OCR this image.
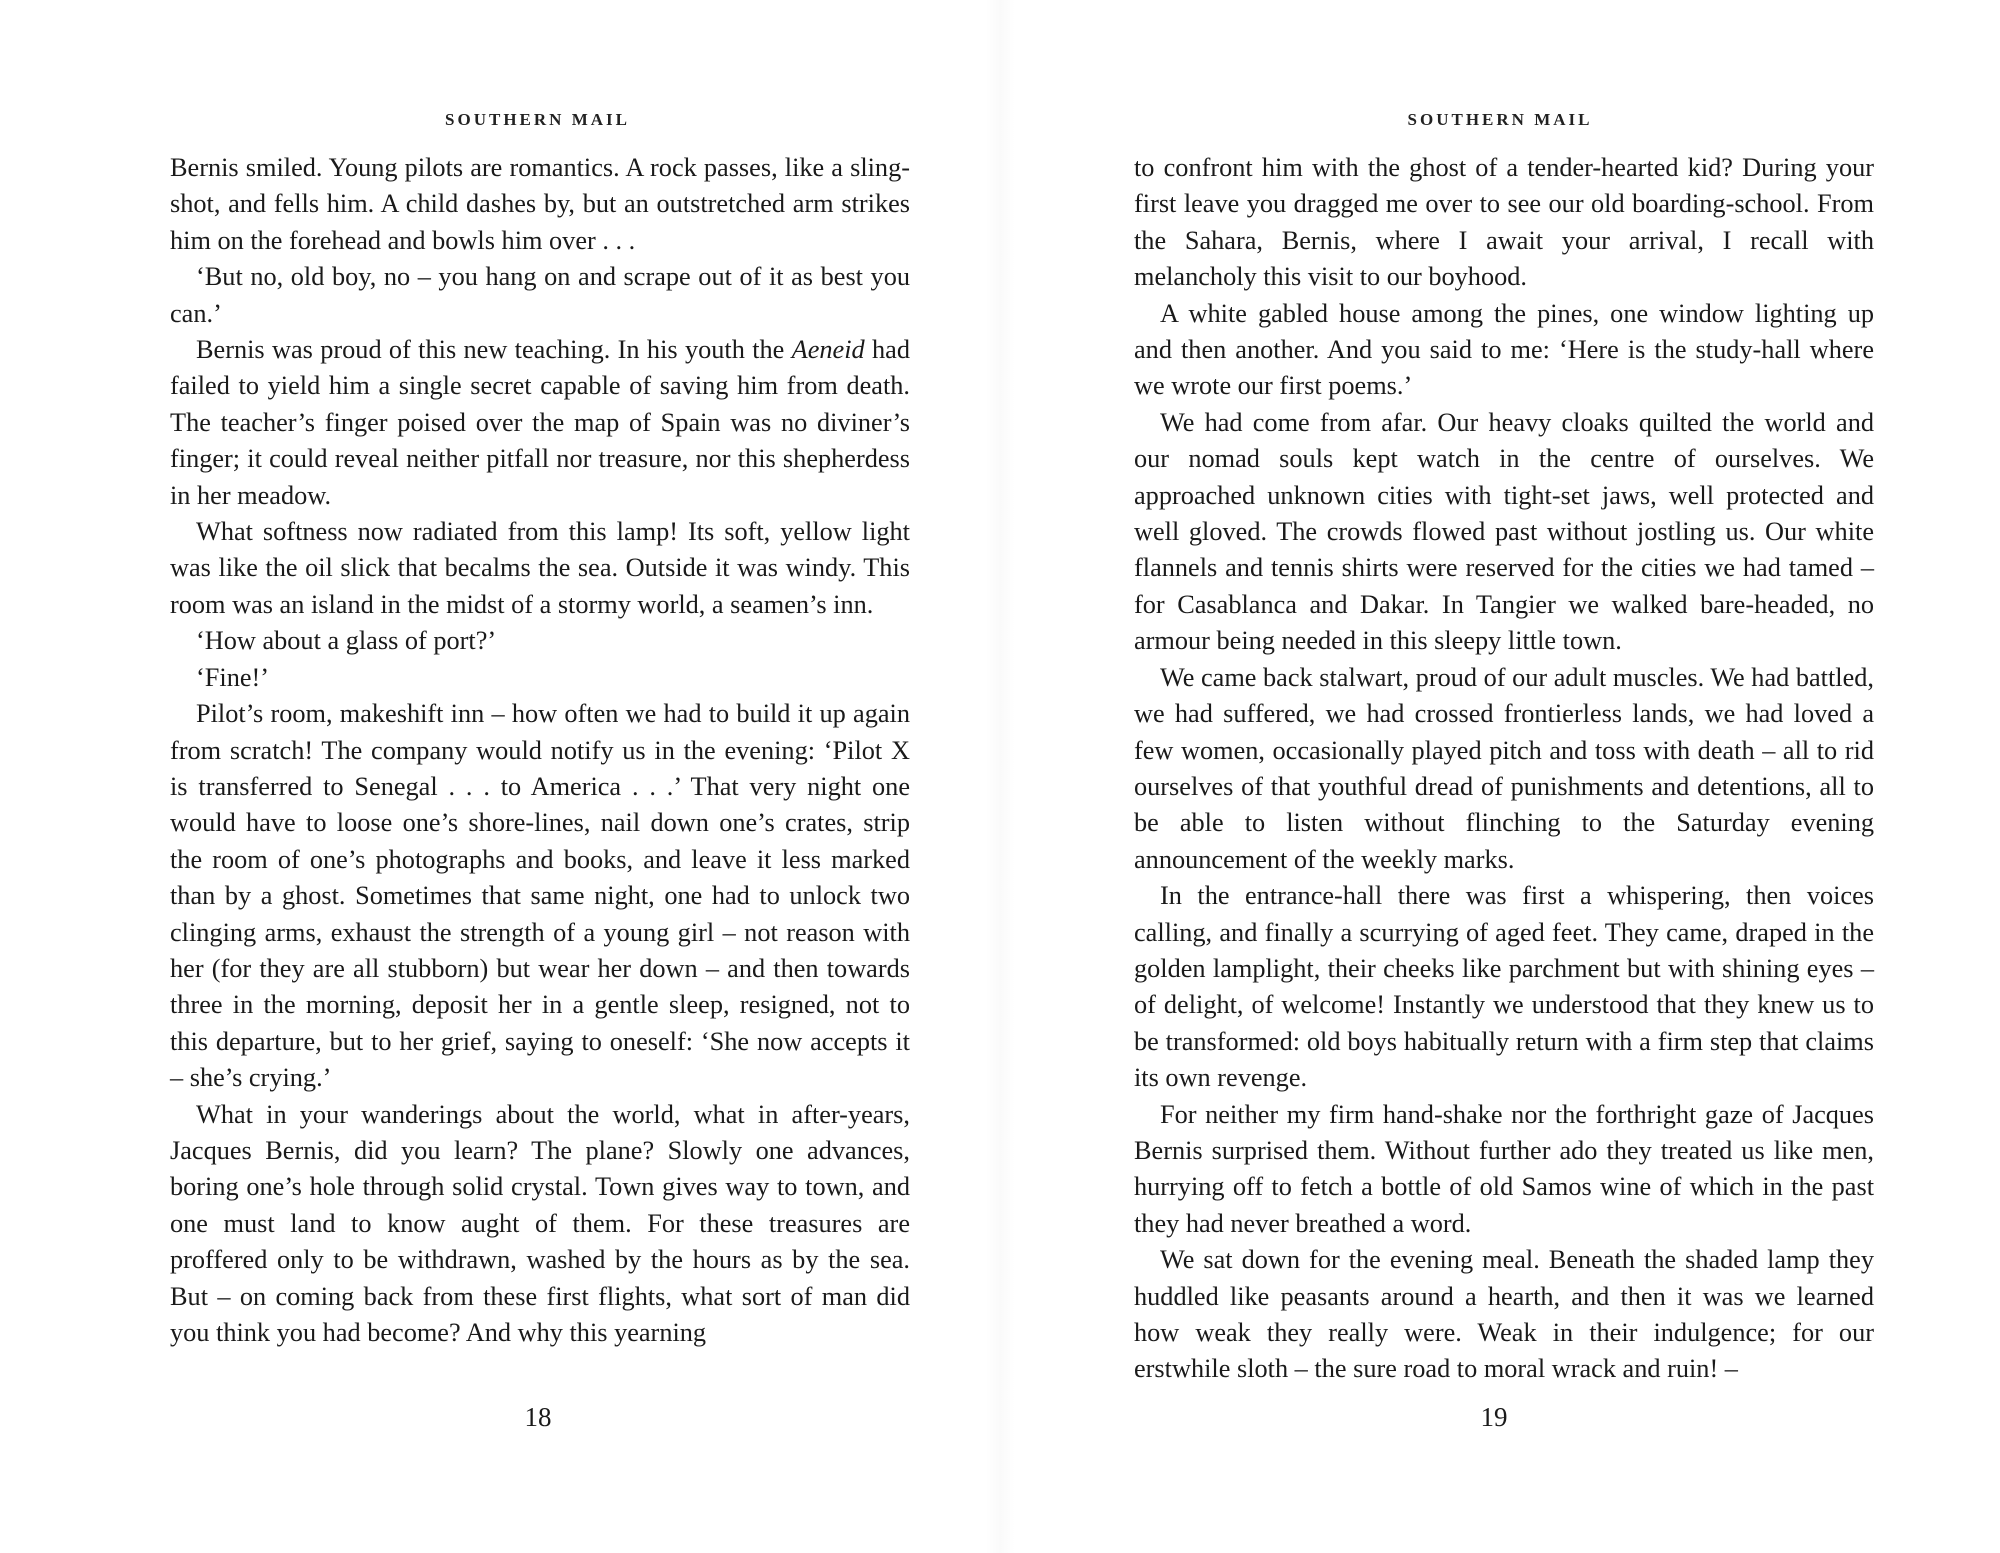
SOUTHERN MAIL

Bernis smiled. Young pilots are romantics. A rock passes, like a sling-shot, and fells him. A child dashes by, but an outstretched arm strikes him on the forehead and bowls him over . . .

‘But no, old boy, no – you hang on and scrape out of it as best you can.’

Bernis was proud of this new teaching. In his youth the Aeneid had failed to yield him a single secret capable of saving him from death. The teacher’s finger poised over the map of Spain was no diviner’s finger; it could reveal neither pitfall nor treasure, nor this shepherdess in her meadow.

What softness now radiated from this lamp! Its soft, yellow light was like the oil slick that becalms the sea. Outside it was windy. This room was an island in the midst of a stormy world, a seamen’s inn.

‘How about a glass of port?’

‘Fine!’

Pilot’s room, makeshift inn – how often we had to build it up again from scratch! The company would notify us in the evening: ‘Pilot X is transferred to Senegal . . . to America . . .’ That very night one would have to loose one’s shore-lines, nail down one’s crates, strip the room of one’s photographs and books, and leave it less marked than by a ghost. Sometimes that same night, one had to unlock two clinging arms, exhaust the strength of a young girl – not reason with her (for they are all stubborn) but wear her down – and then towards three in the morning, deposit her in a gentle sleep, resigned, not to this departure, but to her grief, saying to oneself: ‘She now accepts it – she’s crying.’

What in your wanderings about the world, what in after-years, Jacques Bernis, did you learn? The plane? Slowly one advances, boring one’s hole through solid crystal. Town gives way to town, and one must land to know aught of them. For these treasures are proffered only to be withdrawn, washed by the hours as by the sea. But – on coming back from these first flights, what sort of man did you think you had become? And why this yearning

18
SOUTHERN MAIL

to confront him with the ghost of a tender-hearted kid? During your first leave you dragged me over to see our old boarding-school. From the Sahara, Bernis, where I await your arrival, I recall with melancholy this visit to our boyhood.

A white gabled house among the pines, one window lighting up and then another. And you said to me: ‘Here is the study-hall where we wrote our first poems.’

We had come from afar. Our heavy cloaks quilted the world and our nomad souls kept watch in the centre of ourselves. We approached unknown cities with tight-set jaws, well protected and well gloved. The crowds flowed past without jostling us. Our white flannels and tennis shirts were reserved for the cities we had tamed – for Casablanca and Dakar. In Tangier we walked bare-headed, no armour being needed in this sleepy little town.

We came back stalwart, proud of our adult muscles. We had battled, we had suffered, we had crossed frontierless lands, we had loved a few women, occasionally played pitch and toss with death – all to rid ourselves of that youthful dread of punishments and detentions, all to be able to listen without flinching to the Saturday evening announcement of the weekly marks.

In the entrance-hall there was first a whispering, then voices calling, and finally a scurrying of aged feet. They came, draped in the golden lamplight, their cheeks like parchment but with shining eyes – of delight, of welcome! Instantly we understood that they knew us to be transformed: old boys habitually return with a firm step that claims its own revenge.

For neither my firm hand-shake nor the forthright gaze of Jacques Bernis surprised them. Without further ado they treated us like men, hurrying off to fetch a bottle of old Samos wine of which in the past they had never breathed a word.

We sat down for the evening meal. Beneath the shaded lamp they huddled like peasants around a hearth, and then it was we learned how weak they really were. Weak in their indulgence; for our erstwhile sloth – the sure road to moral wrack and ruin! –

19
